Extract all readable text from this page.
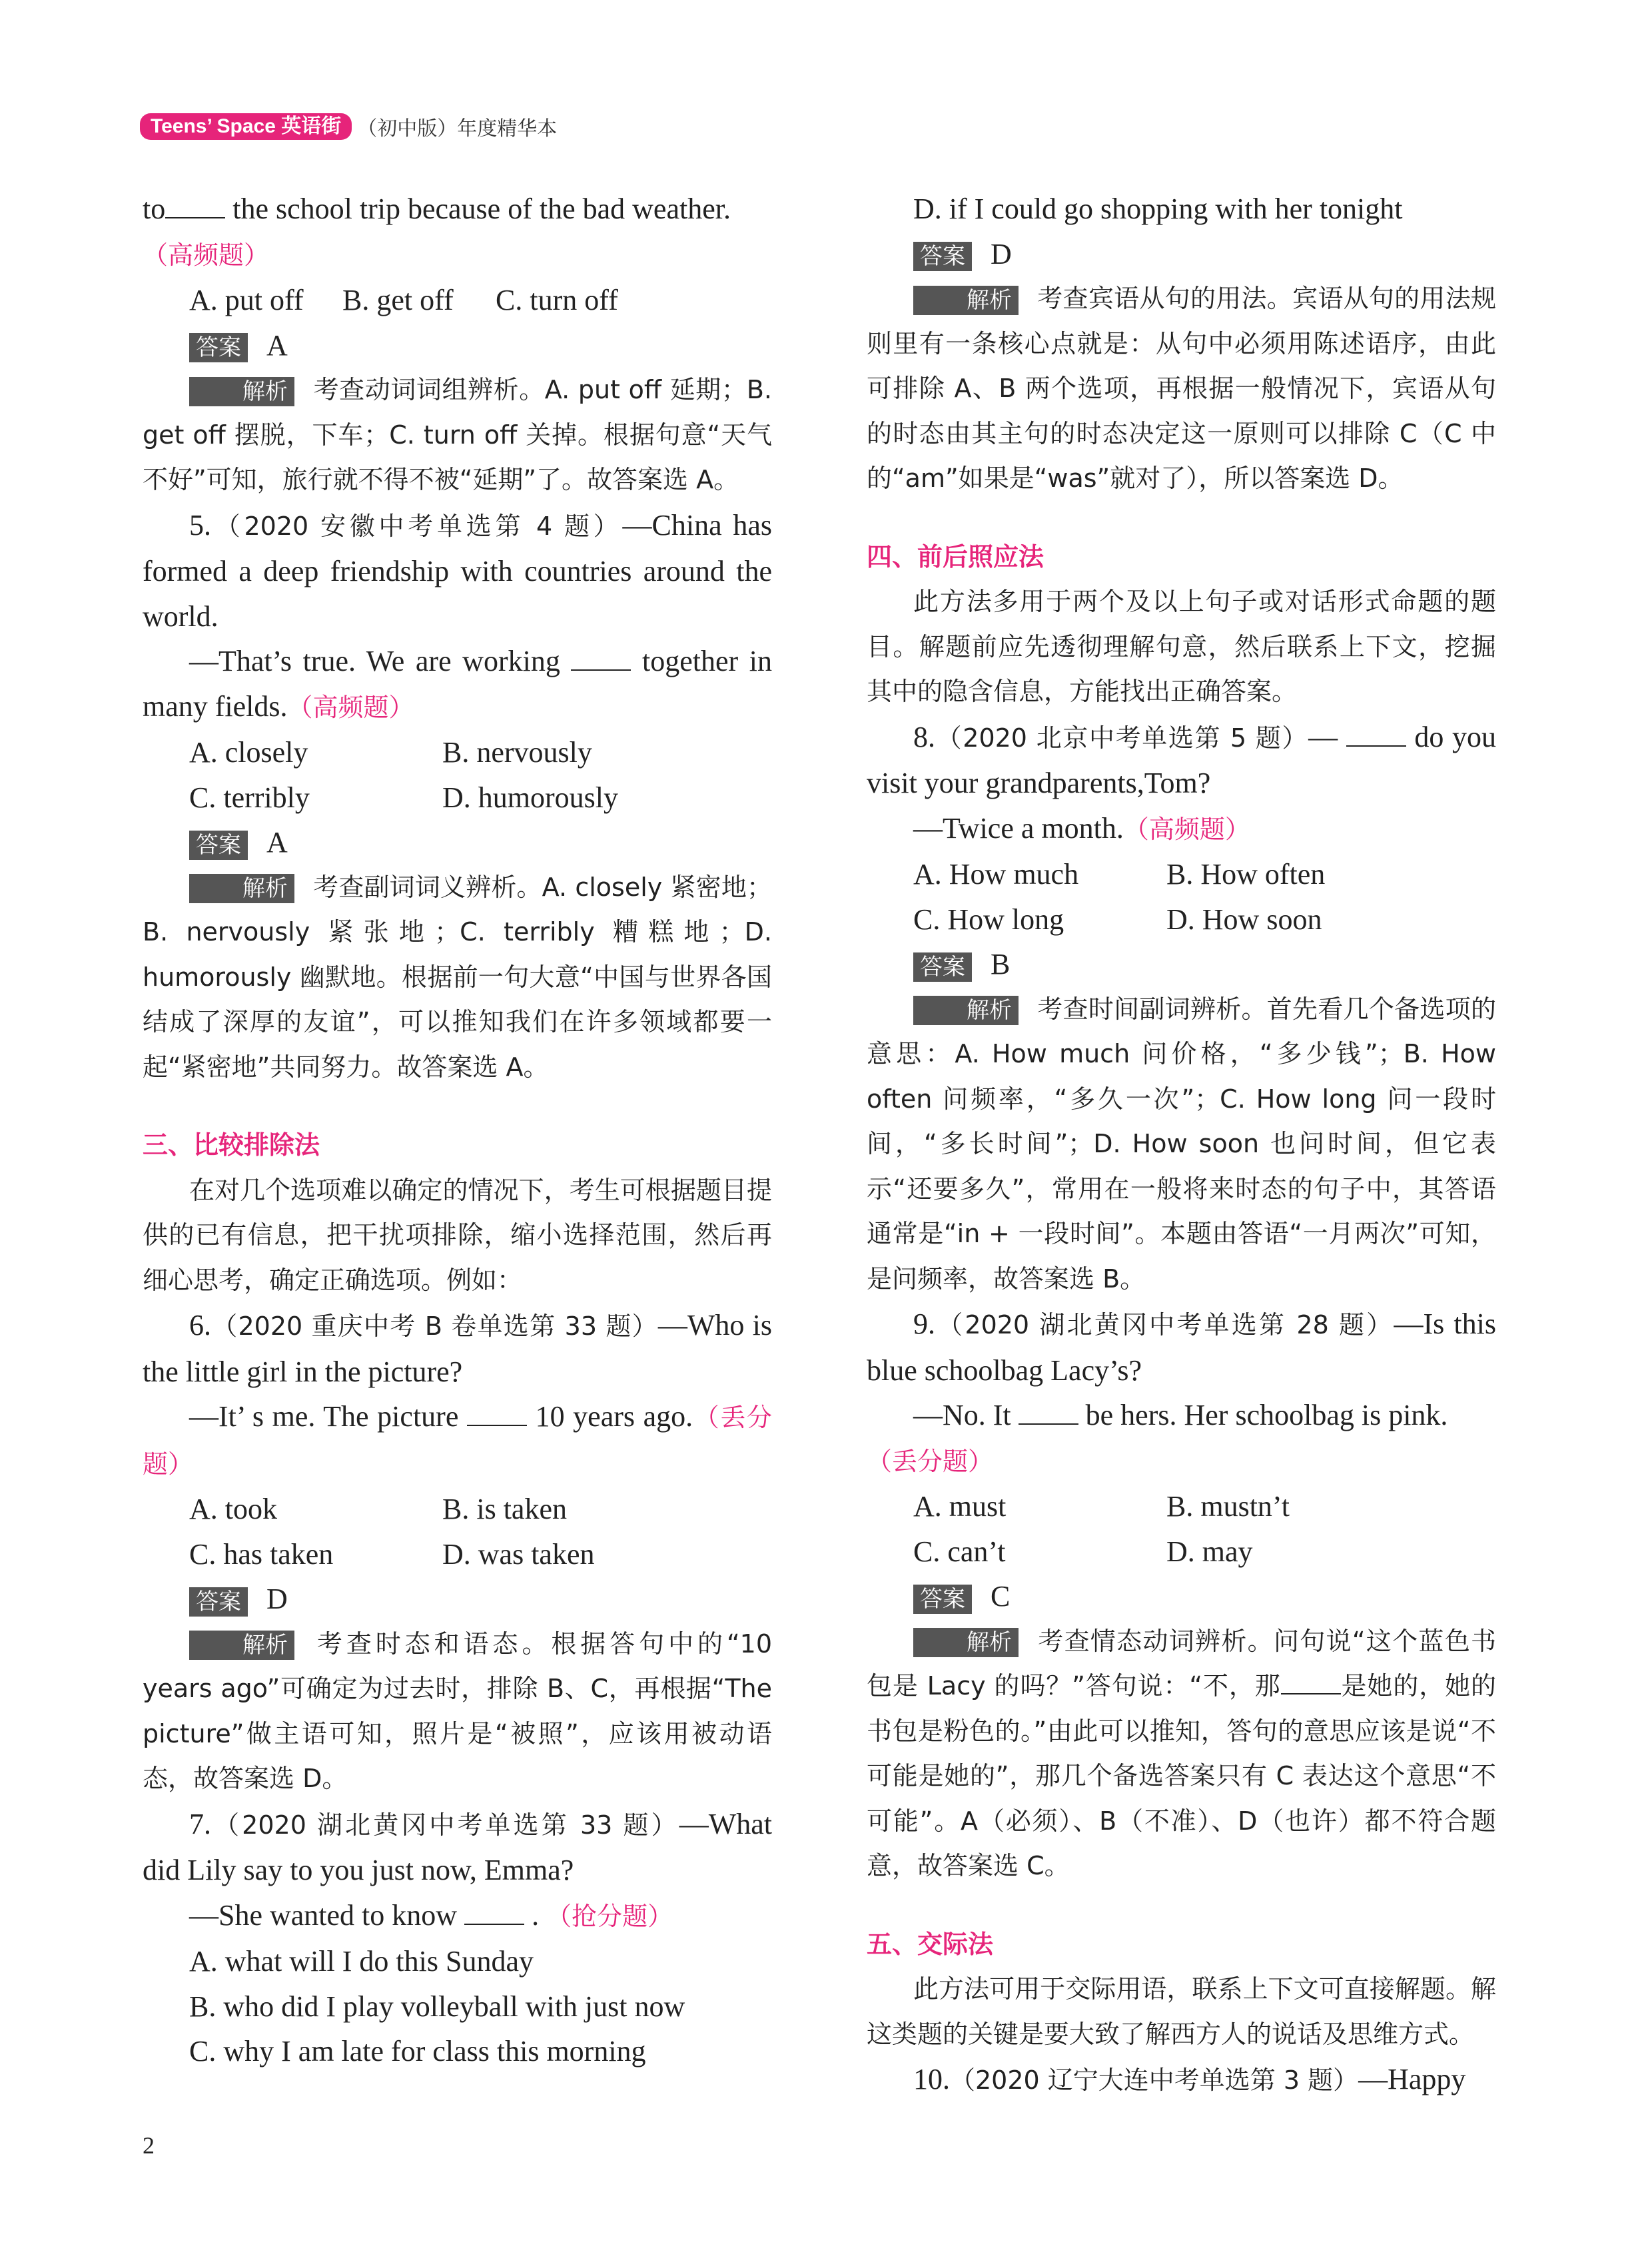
Teens’ Space 英语街 （初中版）年度精华本

to the school trip because of the bad weather.

（高频题）

A. put off	B. get off	C. turn off

答案 A

解析 考查动词词组辨析。A. put off 延期；B. get off 摆脱，下车；C. turn off 关掉。根据句意“天气不好”可知，旅行就不得不被“延期”了。故答案选 A。

5.（2020 安徽中考单选第 4 题）—China has formed a deep friendship with countries around the world.

—That’s true. We are working	together in many fields.（高频题）

A. closely	B. nervously
C. terribly	D. humorously

答案 A

解析 考查副词词义辨析。A. closely 紧密地；B. nervously 紧张地；C. terribly 糟糕地；D. humorously 幽默地。根据前一句大意“中国与世界各国结成了深厚的友谊”，可以推知我们在许多领域都要一起“紧密地”共同努力。故答案选 A。

三、比较排除法

在对几个选项难以确定的情况下，考生可根据题目提供的已有信息，把干扰项排除，缩小选择范围，然后再细心思考，确定正确选项。例如：

6.（2020 重庆中考 B 卷单选第 33 题）—Who is the little girl in the picture?

—It’ s me. The picture	10 years ago.（丢分题）

A. took	B. is taken
C. has taken	D. was taken

答案 D

解析 考查时态和语态。根据答句中的“10 years ago”可确定为过去时，排除 B、C，再根据“The picture”做主语可知，照片是“被照”，应该用被动语态，故答案选 D。

7.（2020 湖北黄冈中考单选第 33 题）—What did Lily say to you just now, Emma?

—She wanted to know  . （抢分题）

A. what will I do this Sunday

B. who did I play volleyball with just now

C. why I am late for class this morning

D. if I could go shopping with her tonight

答案 D

解析 考查宾语从句的用法。宾语从句的用法规则里有一条核心点就是：从句中必须用陈述语序，由此可排除 A、B 两个选项，再根据一般情况下，宾语从句的时态由其主句的时态决定这一原则可以排除 C（C 中的“am”如果是“was”就对了），所以答案选 D。

四、前后照应法

此方法多用于两个及以上句子或对话形式命题的题目。解题前应先透彻理解句意，然后联系上下文，挖掘其中的隐含信息，方能找出正确答案。

8.（2020 北京中考单选第 5 题）—	do you visit your grandparents,Tom?

—Twice a month.（高频题）

A. How much	B. How often
C. How long	D. How soon

答案 B

解析 考查时间副词辨析。首先看几个备选项的意思：A. How much 问价格，“多少钱”；B. How often 问频率，“多久一次”；C. How long 问一段时间，“多长时间”；D. How soon 也问时间，但它表示“还要多久”，常用在一般将来时态的句子中，其答语通常是“in + 一段时间”。本题由答语“一月两次”可知，是问频率，故答案选 B。

9.（2020 湖北黄冈中考单选第 28 题）—Is this blue schoolbag Lacy’s?

—No. It	be hers. Her schoolbag is pink.

（丢分题）

A. must	B. mustn’t
C. can’t	D. may

答案 C

解析 考查情态动词辨析。问句说“这个蓝色书包是 Lacy 的吗？”答句说：“不，那 是她的，她的书包是粉色的。”由此可以推知，答句的意思应该是说“不可能是她的”，那几个备选答案只有 C 表达这个意思“不可能”。A（必须）、B（不准）、D（也许）都不符合题意，故答案选 C。

五、交际法

此方法可用于交际用语，联系上下文可直接解题。解这类题的关键是要大致了解西方人的说话及思维方式。

10.（2020 辽宁大连中考单选第 3 题）—Happy

2
